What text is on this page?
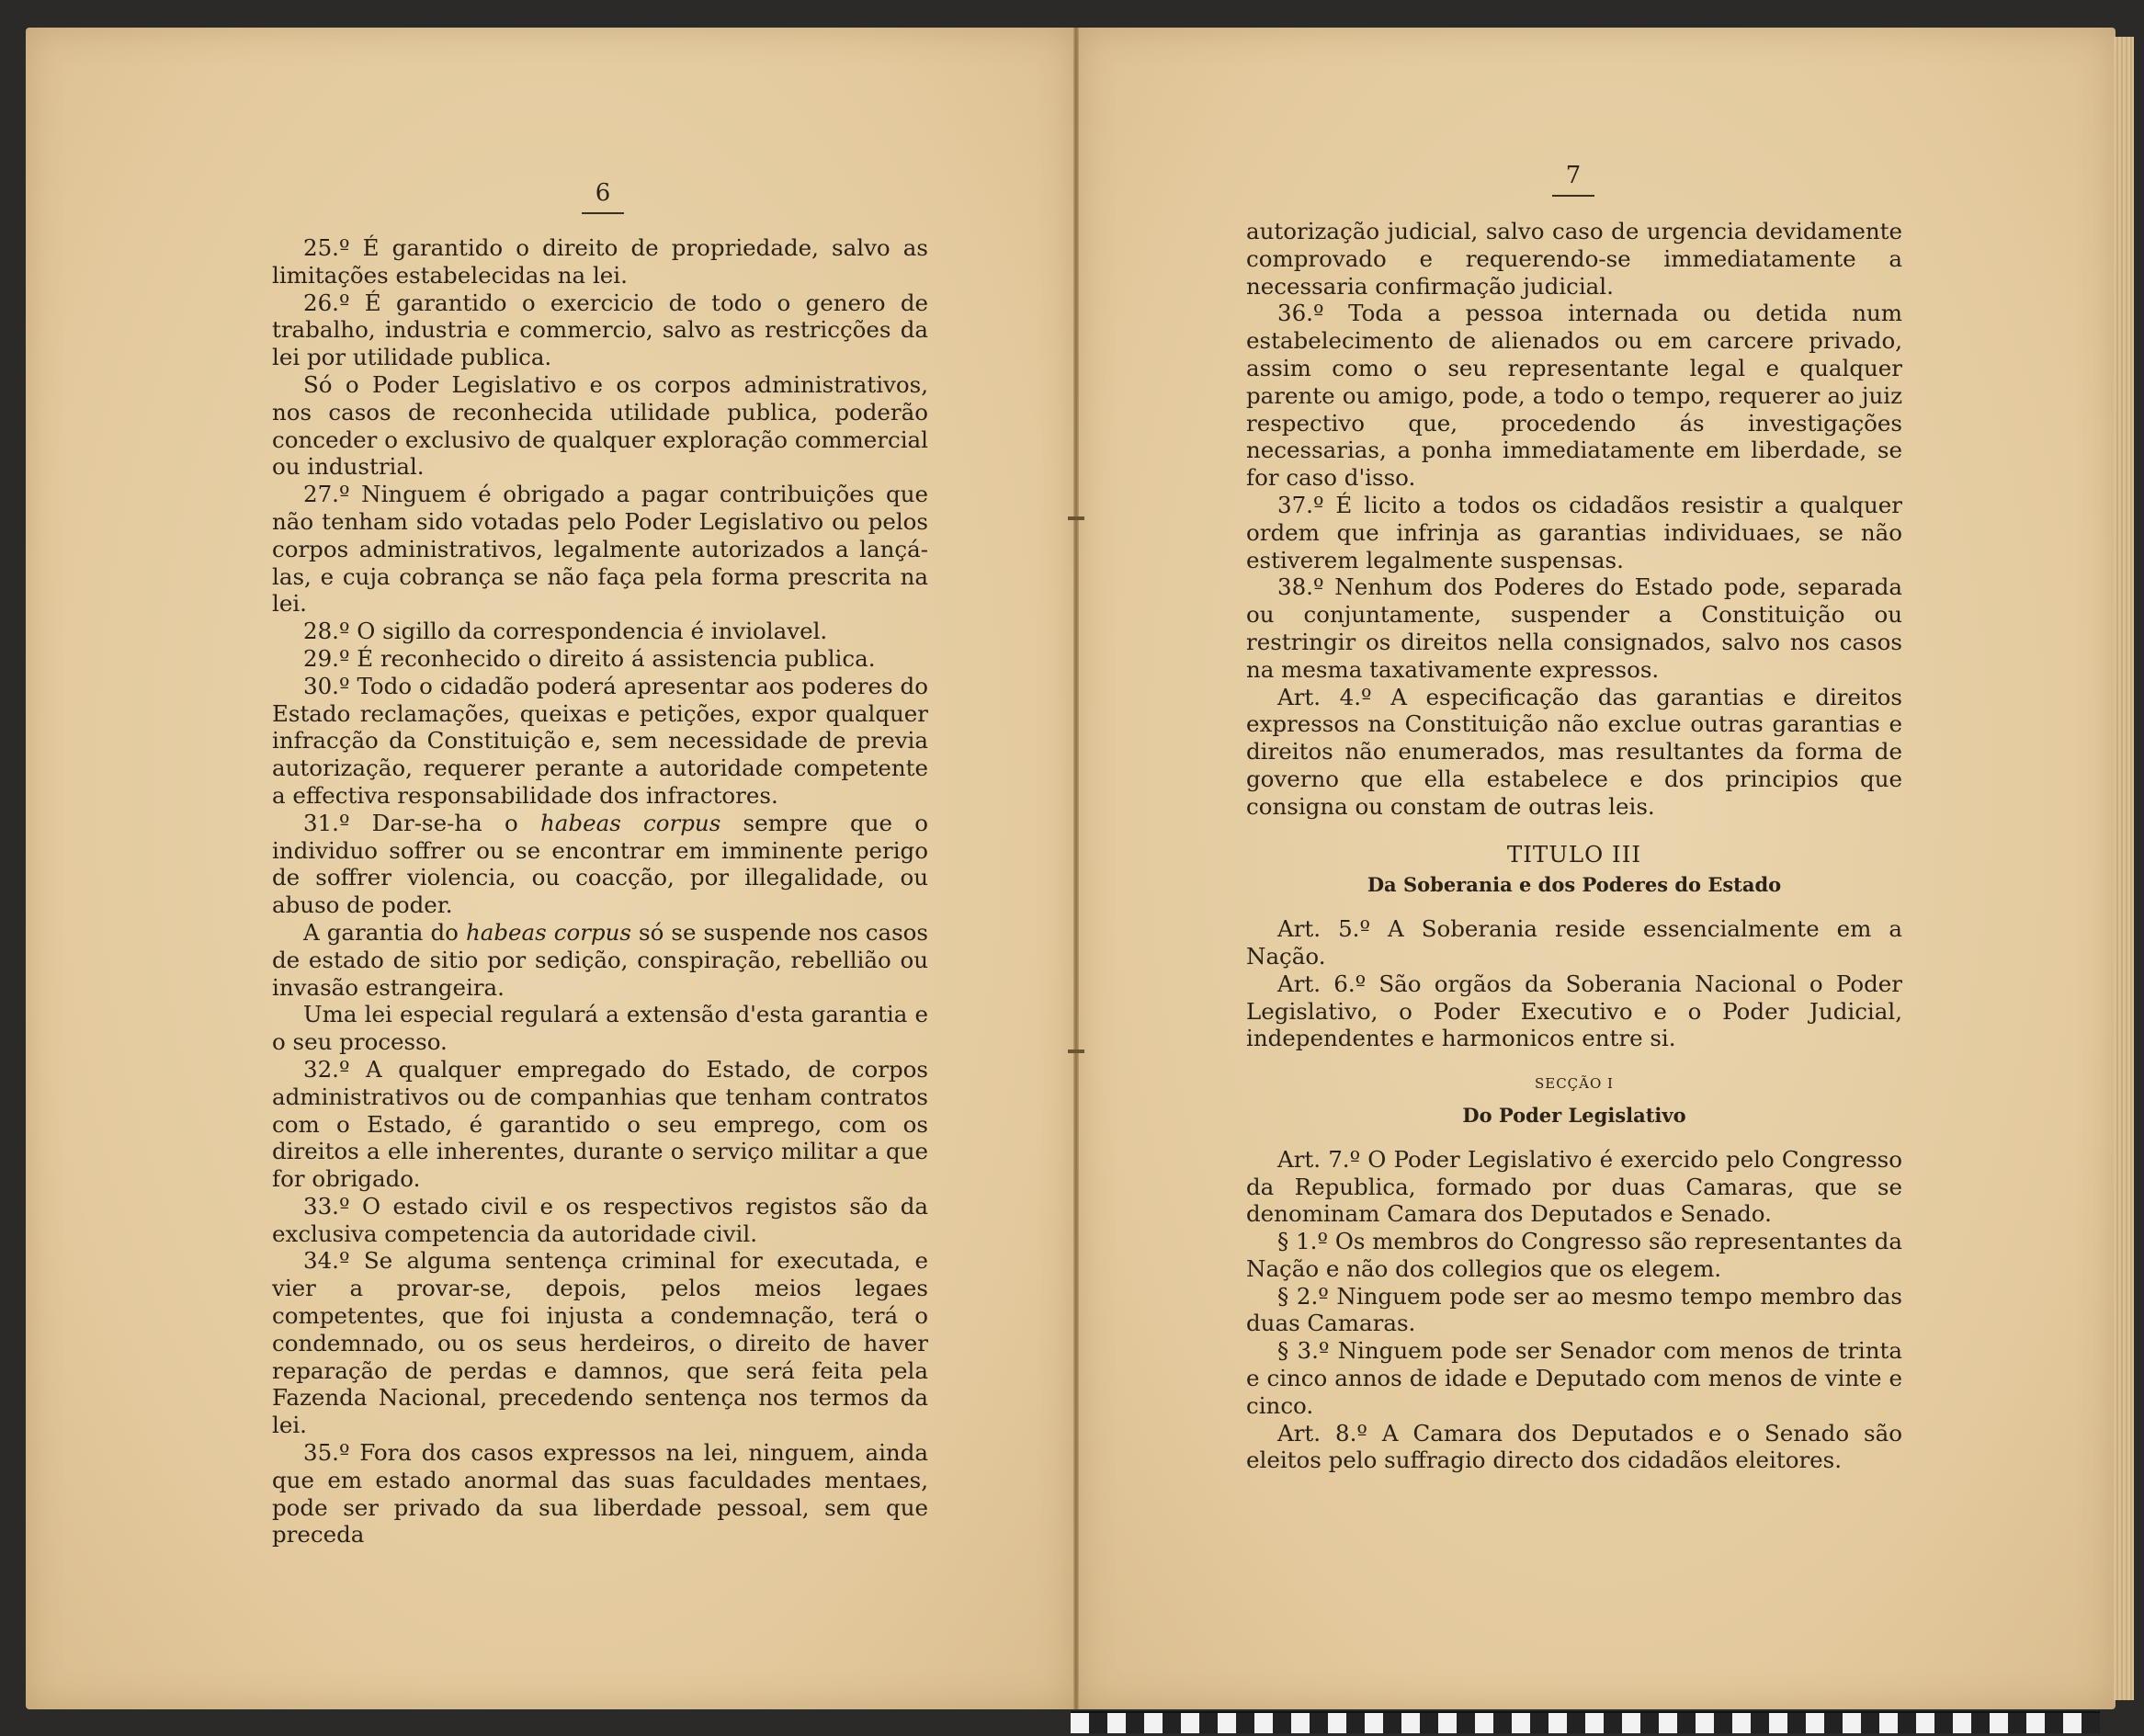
6
7

25.º É garantido o direito de propriedade, salvo as limitações estabelecidas na lei.

26.º É garantido o exercicio de todo o genero de trabalho, industria e commercio, salvo as restricções da lei por utilidade publica.

Só o Poder Legislativo e os corpos administrativos, nos casos de reconhecida utilidade publica, poderão conceder o exclusivo de qualquer exploração commercial ou industrial.

27.º Ninguem é obrigado a pagar contribuições que não tenham sido votadas pelo Poder Legislativo ou pelos corpos administrativos, legalmente autorizados a lançá-las, e cuja cobrança se não faça pela forma prescrita na lei.

28.º O sigillo da correspondencia é inviolavel.

29.º É reconhecido o direito á assistencia publica.

30.º Todo o cidadão poderá apresentar aos poderes do Estado reclamações, queixas e petições, expor qualquer infracção da Constituição e, sem necessidade de previa autorização, requerer perante a autoridade competente a effectiva responsabilidade dos infractores.

31.º Dar-se-ha o habeas corpus sempre que o individuo soffrer ou se encontrar em imminente perigo de soffrer violencia, ou coacção, por illegalidade, ou abuso de poder.

A garantia do habeas corpus só se suspende nos casos de estado de sitio por sedição, conspiração, rebellião ou invasão estrangeira.

Uma lei especial regulará a extensão d'esta garantia e o seu processo.

32.º A qualquer empregado do Estado, de corpos administrativos ou de companhias que tenham contratos com o Estado, é garantido o seu emprego, com os direitos a elle inherentes, durante o serviço militar a que for obrigado.

33.º O estado civil e os respectivos registos são da exclusiva competencia da autoridade civil.

34.º Se alguma sentença criminal for executada, e vier a provar-se, depois, pelos meios legaes competentes, que foi injusta a condemnação, terá o condemnado, ou os seus herdeiros, o direito de haver reparação de perdas e damnos, que será feita pela Fazenda Nacional, precedendo sentença nos termos da lei.

35.º Fora dos casos expressos na lei, ninguem, ainda que em estado anormal das suas faculdades mentaes, pode ser privado da sua liberdade pessoal, sem que preceda

autorização judicial, salvo caso de urgencia devidamente comprovado e requerendo-se immediatamente a necessaria confirmação judicial.

36.º Toda a pessoa internada ou detida num estabelecimento de alienados ou em carcere privado, assim como o seu representante legal e qualquer parente ou amigo, pode, a todo o tempo, requerer ao juiz respectivo que, procedendo ás investigações necessarias, a ponha immediatamente em liberdade, se for caso d'isso.

37.º É licito a todos os cidadãos resistir a qualquer ordem que infrinja as garantias individuaes, se não estiverem legalmente suspensas.

38.º Nenhum dos Poderes do Estado pode, separada ou conjuntamente, suspender a Constituição ou restringir os direitos nella consignados, salvo nos casos na mesma taxativamente expressos.

Art. 4.º A especificação das garantias e direitos expressos na Constituição não exclue outras garantias e direitos não enumerados, mas resultantes da forma de governo que ella estabelece e dos principios que consigna ou constam de outras leis.

TITULO III

Da Soberania e dos Poderes do Estado

Art. 5.º A Soberania reside essencialmente em a Nação.

Art. 6.º São orgãos da Soberania Nacional o Poder Legislativo, o Poder Executivo e o Poder Judicial, independentes e harmonicos entre si.

SECÇÃO I

Do Poder Legislativo

Art. 7.º O Poder Legislativo é exercido pelo Congresso da Republica, formado por duas Camaras, que se denominam Camara dos Deputados e Senado.

§ 1.º Os membros do Congresso são representantes da Nação e não dos collegios que os elegem.

§ 2.º Ninguem pode ser ao mesmo tempo membro das duas Camaras.

§ 3.º Ninguem pode ser Senador com menos de trinta e cinco annos de idade e Deputado com menos de vinte e cinco.

Art. 8.º A Camara dos Deputados e o Senado são eleitos pelo suffragio directo dos cidadãos eleitores.
